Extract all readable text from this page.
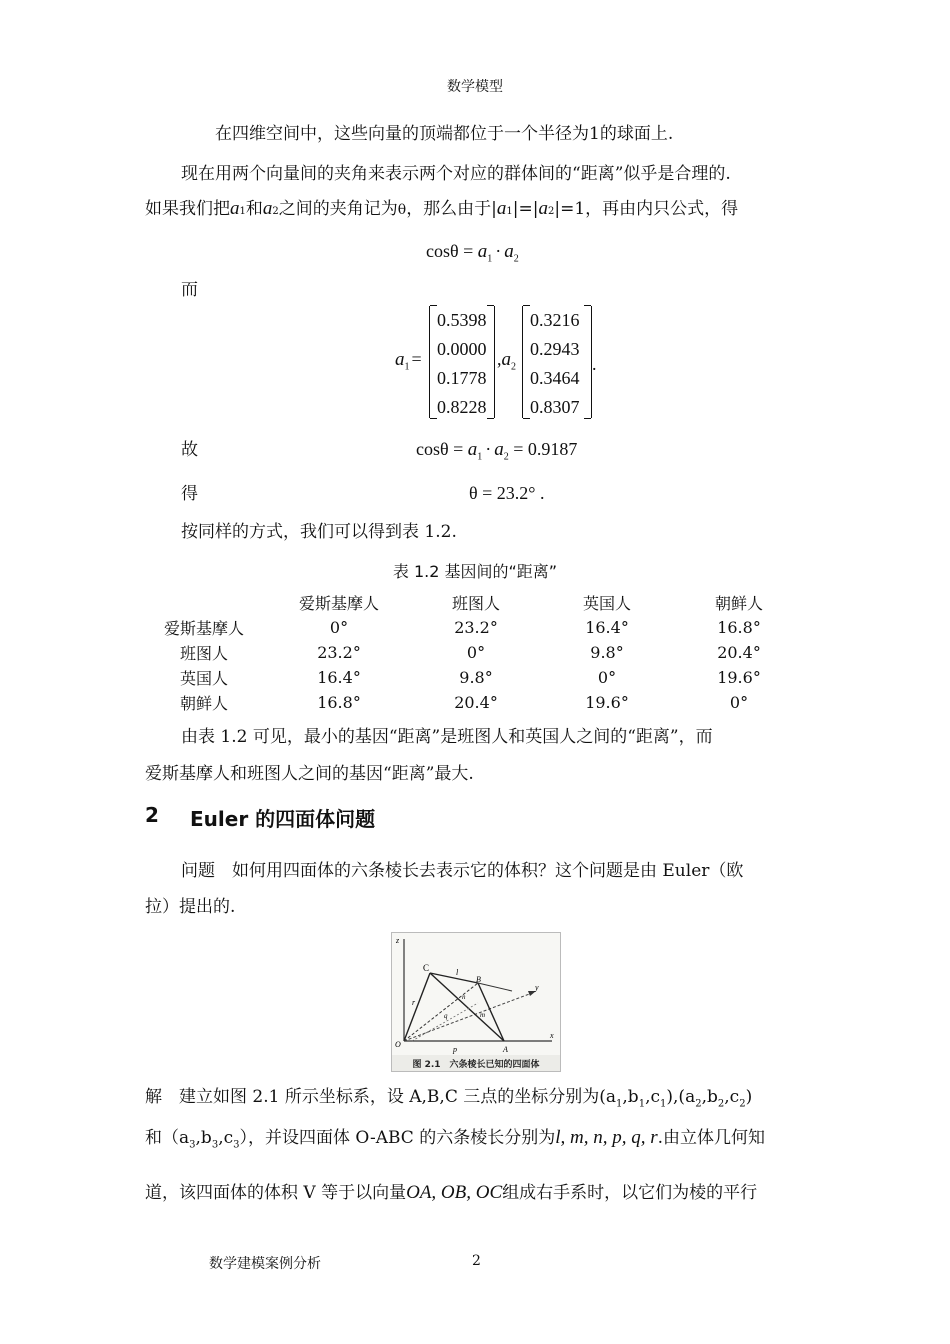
数学模型
在四维空间中，这些向量的顶端都位于一个半径为1的球面上.
现在用两个向量间的夹角来表示两个对应的群体间的“距离”似乎是合理的.
如果我们把a1和a2之间的夹角记为θ，那么由于|a1|=|a2|=1，再由内只公式，得
$\cos\theta = a_1 \cdot a_2$
而
$a_1$ =
0.5398
0.0000
0.1778
0.8228
$,a_2$
0.3216
0.2943
0.3464
0.8307
.
故	$\cos\theta = a_1 \cdot a_2 = 0.9187$
得	θ = 23.2° .
按同样的方式，我们可以得到表 1.2.
表 1.2 基因间的“距离”
	爱斯基摩人	班图人	英国人	朝鲜人
爱斯基摩人	0°	23.2°	16.4°	16.8°
班图人	23.2°	0°	9.8°	20.4°
英国人	16.4°	9.8°	0°	19.6°
朝鲜人	16.8°	20.4°	19.6°	0°
由表 1.2 可见，最小的基因“距离”是班图人和英国人之间的“距离”，而
爱斯基摩人和班图人之间的基因“距离”最大.
2 Euler 的四面体问题
问题　如何用四面体的六条棱长去表示它的体积？这个问题是由 Euler（欧
拉）提出的.
z
x
y
C
B
A
O
p
q
r
l
m
n
图 2.1　六条棱长已知的四面体
解　建立如图 2.1 所示坐标系，设 A,B,C 三点的坐标分别为$(a_1,b_1,c_1),(a_2,b_2,c_2)$
和$(a_3,b_3,c_3)$，并设四面体 O-ABC 的六条棱长分别为l, m, n, p, q, r.由立体几何知
道，该四面体的体积 V 等于以向量OA, OB, OC组成右手系时，以它们为棱的平行
数学建模案例分析	2
